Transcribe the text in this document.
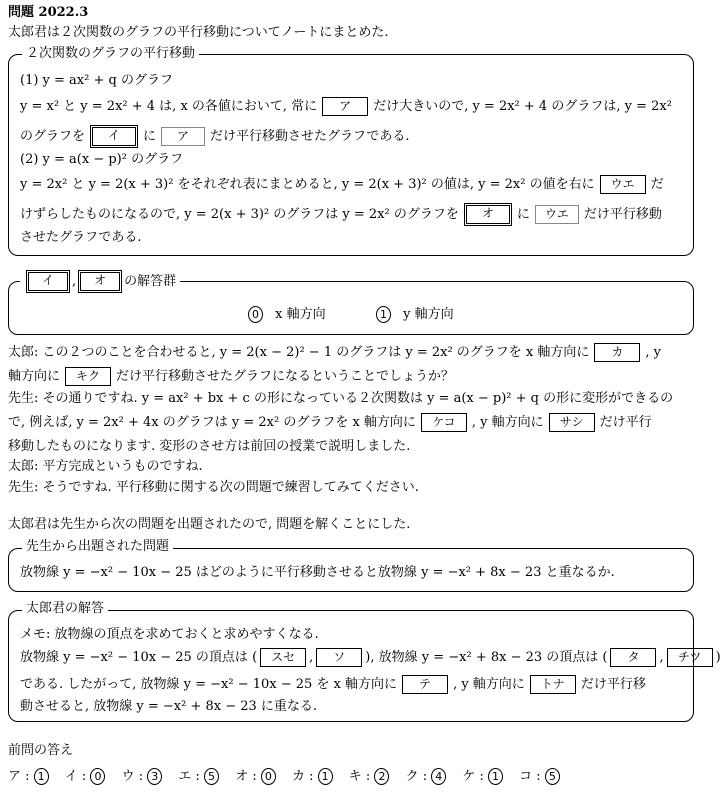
問題 2022.3
太郎君は２次関数のグラフの平行移動についてノートにまとめた.
２次関数のグラフの平行移動
(1) y = ax² + q のグラフ
y = x² と y = 2x² + 4 は, x の各値において, 常に ア だけ大きいので, y = 2x² + 4 のグラフは, y = 2x²
のグラフを イ に ア だけ平行移動させたグラフである.
(2) y = a(x − p)² のグラフ
y = 2x² と y = 2(x + 3)² をそれぞれ表にまとめると, y = 2(x + 3)² の値は, y = 2x² の値を右に ウエ だ
けずらしたものになるので, y = 2(x + 3)² のグラフは y = 2x² のグラフを オ に ウエ だけ平行移動
させたグラフである.
イ , オ の解答群
0 x 軸方向	1 y 軸方向
太郎: この２つのことを合わせると, y = 2(x − 2)² − 1 のグラフは y = 2x² のグラフを x 軸方向に カ , y
軸方向に キク だけ平行移動させたグラフになるということでしょうか？
先生: その通りですね. y = ax² + bx + c の形になっている２次関数は y = a(x − p)² + q の形に変形ができるの
で, 例えば, y = 2x² + 4x のグラフは y = 2x² のグラフを x 軸方向に ケコ , y 軸方向に サシ だけ平行
移動したものになります. 変形のさせ方は前回の授業で説明しました.
太郎: 平方完成というものですね.
先生: そうですね. 平行移動に関する次の問題で練習してみてください.
太郎君は先生から次の問題を出題されたので, 問題を解くことにした.
先生から出題された問題
放物線 y = −x² − 10x − 25 はどのように平行移動させると放物線 y = −x² + 8x − 23 と重なるか.
太郎君の解答
メモ: 放物線の頂点を求めておくと求めやすくなる.
放物線 y = −x² − 10x − 25 の頂点は ( スセ , ソ ), 放物線 y = −x² + 8x − 23 の頂点は ( タ , チツ )
である. したがって, 放物線 y = −x² − 10x − 25 を x 軸方向に テ , y 軸方向に トナ だけ平行移
動させると, 放物線 y = −x² + 8x − 23 に重なる.
前問の答え
ア : 1 イ : 0 ウ : 3 エ : 5 オ : 0 カ : 1 キ : 2 ク : 4 ケ : 1 コ : 5
